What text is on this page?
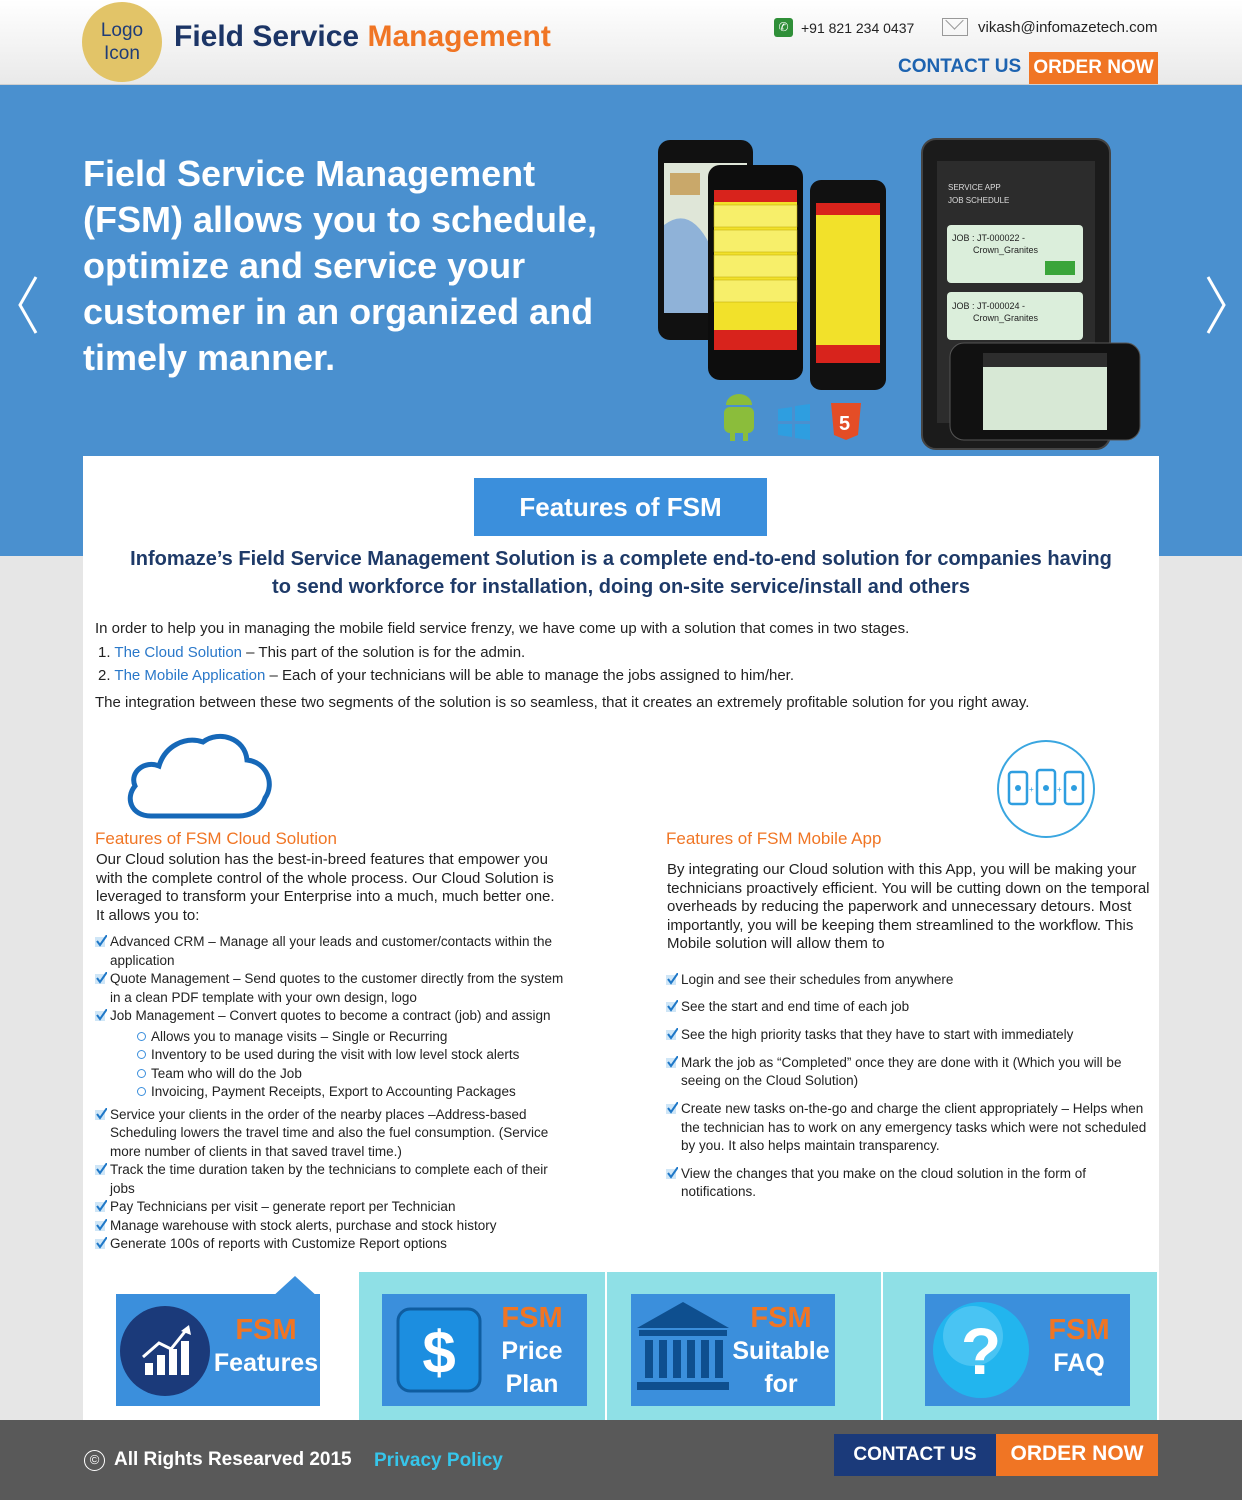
Logo
Icon
Field Service Management	✆ +91 821 234 0437	vikash@infomazetech.com
CONTACT US ORDER NOW
Field Service Management (FSM) allows you to schedule, optimize and service your customer in an organized and timely manner.
SERVICE APP
JOB SCHEDULE
JOB : JT-000022 -
Crown_Granites
JOB : JT-000024 -
Crown_Granites
5
Features of FSM
Infomaze’s Field Service Management Solution is a complete end-to-end solution for companies having to send workforce for installation, doing on-site service/install and others

In order to help you in managing the mobile field service frenzy, we have come up with a solution that comes in two stages.

1. The Cloud Solution – This part of the solution is for the admin.
2. The Mobile Application – Each of your technicians will be able to manage the jobs assigned to him/her.

The integration between these two segments of the solution is so seamless, that it creates an extremely profitable solution for you right away.

+	+
Features of FSM Cloud Solution
Our Cloud solution has the best-in-breed features that empower you with the complete control of the whole process. Our Cloud Solution is leveraged to transform your Enterprise into a much, much better one. It allows you to:
Advanced CRM – Manage all your leads and customer/contacts within the application
Quote Management – Send quotes to the customer directly from the system in a clean PDF template with your own design, logo
Job Management – Convert quotes to become a contract (job) and assign
Allows you to manage visits – Single or Recurring
Inventory to be used during the visit with low level stock alerts
Team who will do the Job
Invoicing, Payment Receipts, Export to Accounting Packages
Service your clients in the order of the nearby places –Address-based Scheduling lowers the travel time and also the fuel consumption. (Service more number of clients in that saved travel time.)
Track the time duration taken by the technicians to complete each of their jobs
Pay Technicians per visit – generate report per Technician
Manage warehouse with stock alerts, purchase and stock history
Generate 100s of reports with Customize Report options
Features of FSM Mobile App
By integrating our Cloud solution with this App, you will be making your technicians proactively efficient. You will be cutting down on the temporal overheads by reducing the paperwork and unnecessary detours. Most importantly, you will be keeping them streamlined to the workflow. This Mobile solution will allow them to
Login and see their schedules from anywhere
See the start and end time of each job
See the high priority tasks that they have to start with immediately
Mark the job as “Completed” once they are done with it (Which you will be seeing on the Cloud Solution)
Create new tasks on-the-go and charge the client appropriately – Helps when the technician has to work on any emergency tasks which were not scheduled by you. It also helps maintain transparency.
View the changes that you make on the cloud solution in the form of notifications.
FSM
Features $
FSM
Price
Plan
FSM
Suitable
for	?	FSM
FAQ
© All Rights Researved 2015 Privacy Policy	CONTACT US	ORDER NOW
